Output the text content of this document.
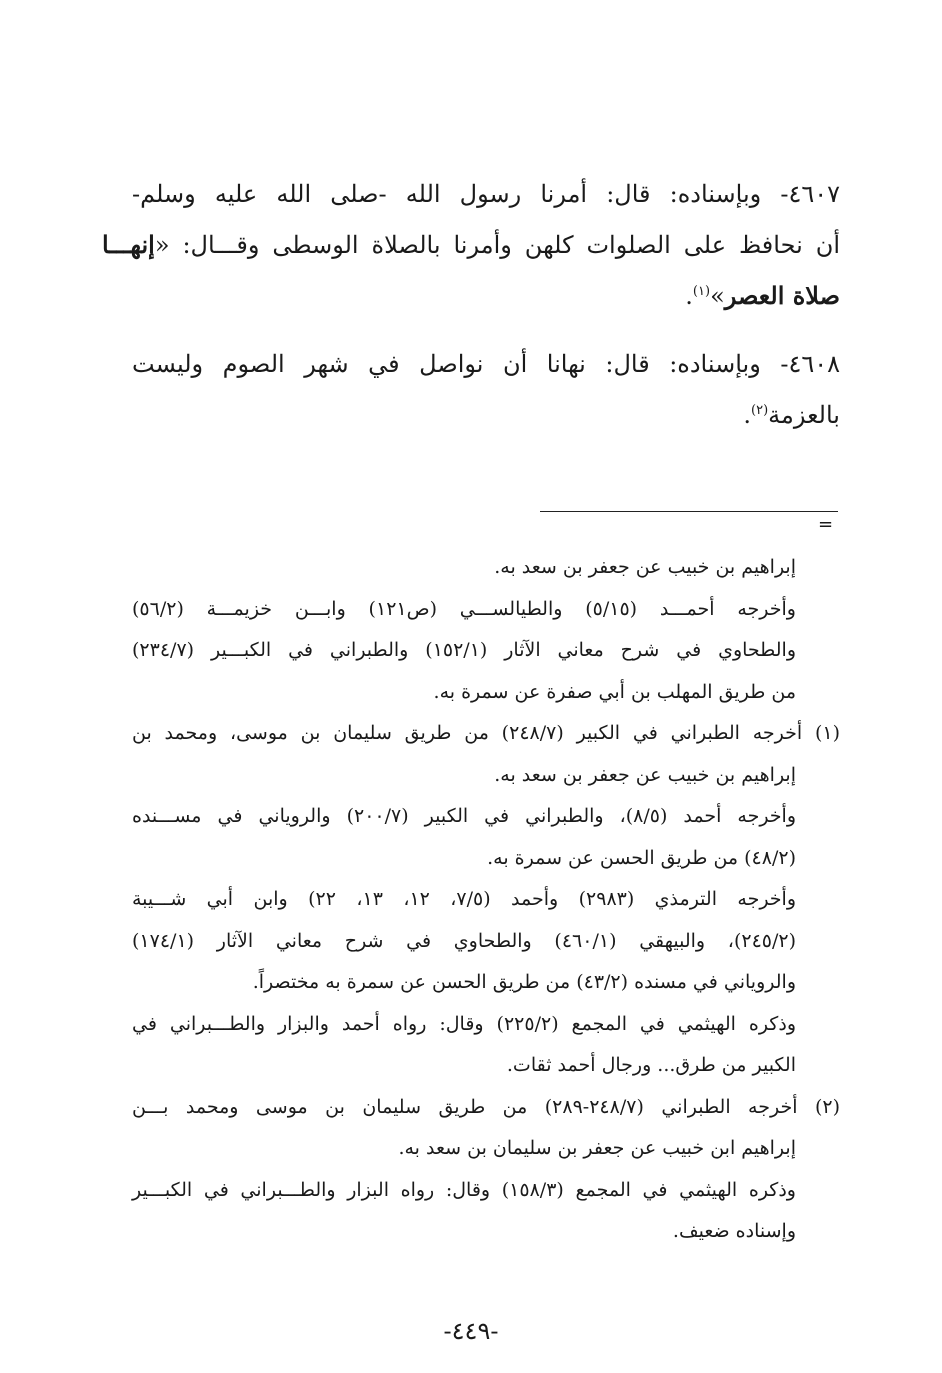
٤٦٠٧- وبإسناده: قال: أمرنا رسول الله -صلى الله عليه وسلم-

أن نحافظ على الصلوات كلهن وأمرنا بالصلاة الوسطى وقـــال: «إنهـــا

صلاة العصر»$^{(١)}$.

٤٦٠٨- وبإسناده: قال: نهانا أن نواصل في شهر الصوم وليست

بالعزمة$^{(٢)}$.

=

إبراهيم بن خبيب عن جعفر بن سعد به.

وأخرجه أحمـــد (٥/١٥) والطيالســـي (ص١٢١) وابـــن خزيمـــة (٥٦/٢)

والطحاوي في شرح معاني الآثار (١٥٢/١) والطبراني في الكبـــير (٢٣٤/٧)

من طريق المهلب بن أبي صفرة عن سمرة به.

(١) أخرجه الطبراني في الكبير (٢٤٨/٧) من طريق سليمان بن موسى، ومحمد بن

إبراهيم بن خبيب عن جعفر بن سعد به.

وأخرجه أحمد (٨/٥)، والطبراني في الكبير (٢٠٠/٧) والروياني في مســـنده

(٤٨/٢) من طريق الحسن عن سمرة به.

وأخرجه الترمذي (٢٩٨٣) وأحمد (٧/٥، ١٢، ١٣، ٢٢) وابن أبي شـــيبة

(٢٤٥/٢)، والبيهقي (٤٦٠/١) والطحاوي في شرح معاني الآثار (١٧٤/١)

والروياني في مسنده (٤٣/٢) من طريق الحسن عن سمرة به مختصراً.

وذكره الهيثمي في المجمع (٢٢٥/٢) وقال: رواه أحمد والبزار والطـــبراني في

الكبير من طرق... ورجال أحمد ثقات.

(٢) أخرجه الطبراني (٢٤٨/٧-٢٨٩) من طريق سليمان بن موسى ومحمد بـــن

إبراهيم ابن خبيب عن جعفر بن سليمان بن سعد به.

وذكره الهيثمي في المجمع (١٥٨/٣) وقال: رواه البزار والطـــبراني في الكبـــير

وإسناده ضعيف.

-٤٤٩-
